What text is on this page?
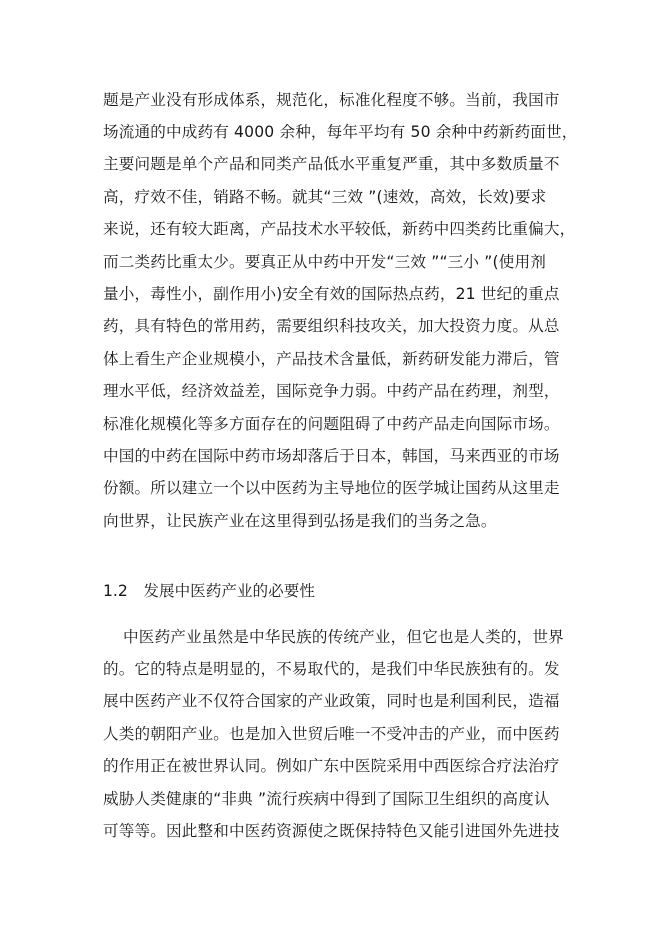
题是产业没有形成体系，规范化，标准化程度不够。当前，我国市
场流通的中成药有 4000 余种，每年平均有 50 余种中药新药面世，
主要问题是单个产品和同类产品低水平重复严重，其中多数质量不
高，疗效不佳，销路不畅。就其“三效 ”(速效，高效，长效)要求
来说，还有较大距离，产品技术水平较低，新药中四类药比重偏大，
而二类药比重太少。要真正从中药中开发“三效 ”“三小 ”(使用剂
量小，毒性小，副作用小)安全有效的国际热点药，21 世纪的重点
药，具有特色的常用药，需要组织科技攻关，加大投资力度。从总
体上看生产企业规模小，产品技术含量低，新药研发能力滞后，管
理水平低，经济效益差，国际竞争力弱。中药产品在药理，剂型，
标准化规模化等多方面存在的问题阻碍了中药产品走向国际市场。
中国的中药在国际中药市场却落后于日本，韩国，马来西亚的市场
份额。所以建立一个以中医药为主导地位的医学城让国药从这里走
向世界，让民族产业在这里得到弘扬是我们的当务之急。
1.2　发展中医药产业的必要性
中医药产业虽然是中华民族的传统产业，但它也是人类的，世界
的。它的特点是明显的，不易取代的，是我们中华民族独有的。发
展中医药产业不仅符合国家的产业政策，同时也是利国利民，造福
人类的朝阳产业。也是加入世贸后唯一不受冲击的产业，而中医药
的作用正在被世界认同。例如广东中医院采用中西医综合疗法治疗
威胁人类健康的“非典 ”流行疾病中得到了国际卫生组织的高度认
可等等。因此整和中医药资源使之既保持特色又能引进国外先进技
